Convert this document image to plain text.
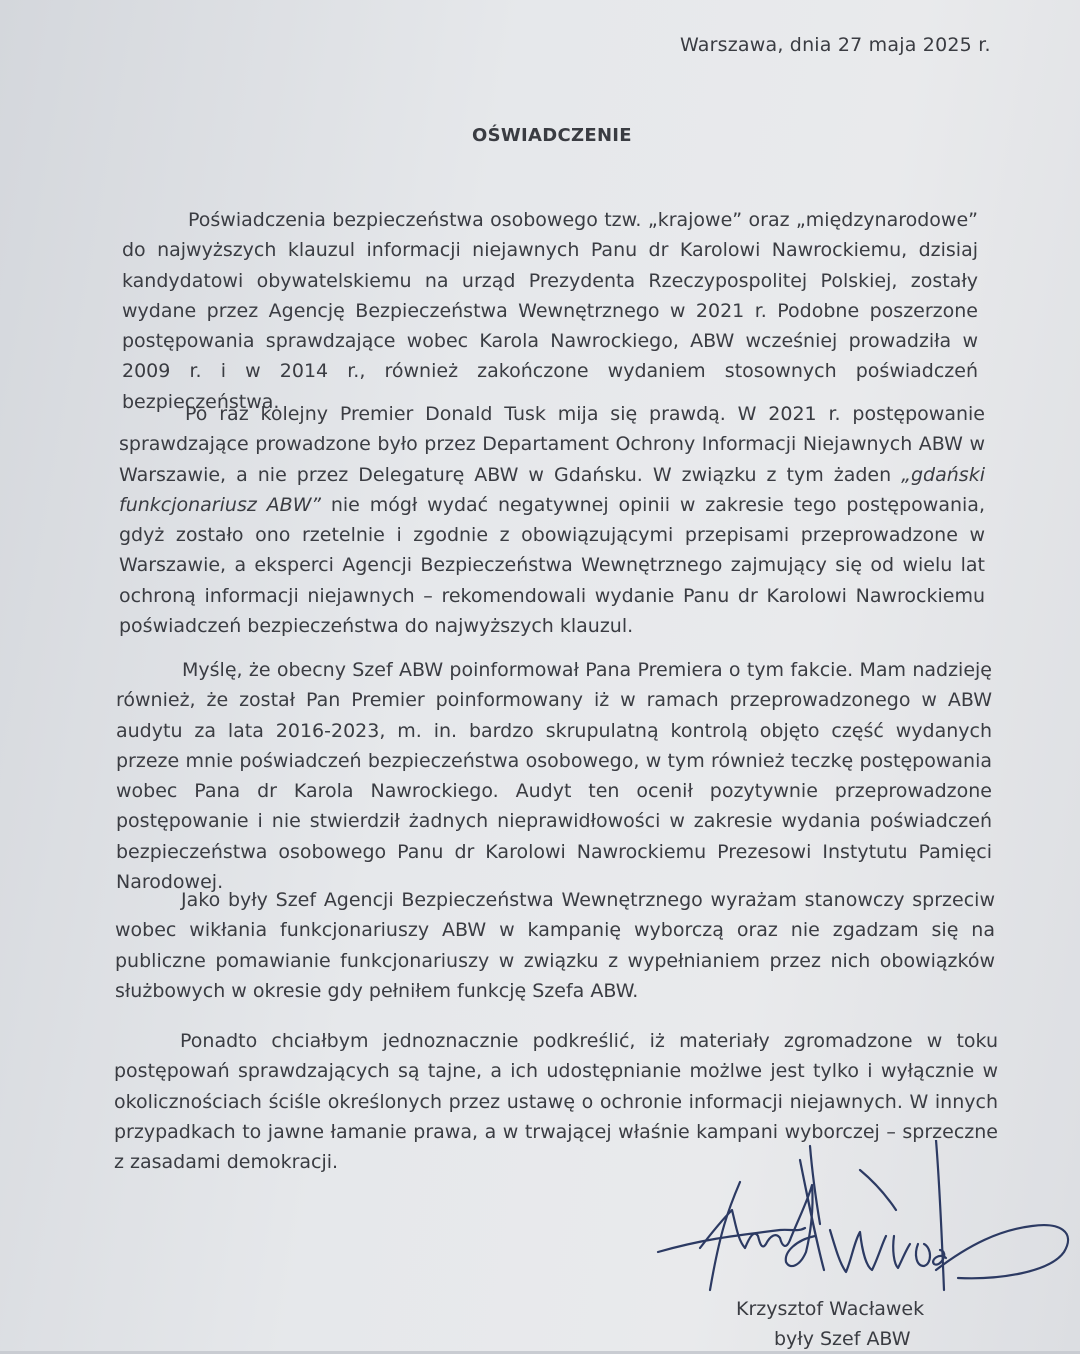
Warszawa, dnia 27 maja 2025 r.
OŚWIADCZENIE
Poświadczenia bezpieczeństwa osobowego tzw. „krajowe” oraz „międzynarodowe” do najwyższych klauzul informacji niejawnych Panu dr Karolowi Nawrockiemu, dzisiaj kandydatowi obywatelskiemu na urząd Prezydenta Rzeczypospolitej Polskiej, zostały wydane przez Agencję Bezpieczeństwa Wewnętrznego w 2021 r. Podobne poszerzone postępowania sprawdzające wobec Karola Nawrockiego, ABW wcześniej prowadziła w 2009 r. i w 2014 r., również zakończone wydaniem stosownych poświadczeń bezpieczeństwa.
Po raz kolejny Premier Donald Tusk mija się prawdą. W 2021 r. postępowanie sprawdzające prowadzone było przez Departament Ochrony Informacji Niejawnych ABW w Warszawie, a nie przez Delegaturę ABW w Gdańsku. W związku z tym żaden „gdański funkcjonariusz ABW” nie mógł wydać negatywnej opinii w zakresie tego postępowania, gdyż zostało ono rzetelnie i zgodnie z obowiązującymi przepisami przeprowadzone w Warszawie, a eksperci Agencji Bezpieczeństwa Wewnętrznego zajmujący się od wielu lat ochroną informacji niejawnych – rekomendowali wydanie Panu dr Karolowi Nawrockiemu poświadczeń bezpieczeństwa do najwyższych klauzul.
Myślę, że obecny Szef ABW poinformował Pana Premiera o tym fakcie. Mam nadzieję również, że został Pan Premier poinformowany iż w ramach przeprowadzonego w ABW audytu za lata 2016-2023, m. in. bardzo skrupulatną kontrolą objęto część wydanych przeze mnie poświadczeń bezpieczeństwa osobowego, w tym również teczkę postępowania wobec Pana dr Karola Nawrockiego. Audyt ten ocenił pozytywnie przeprowadzone postępowanie i nie stwierdził żadnych nieprawidłowości w zakresie wydania poświadczeń bezpieczeństwa osobowego Panu dr Karolowi Nawrockiemu Prezesowi Instytutu Pamięci Narodowej.
Jako były Szef Agencji Bezpieczeństwa Wewnętrznego wyrażam stanowczy sprzeciw wobec wikłania funkcjonariuszy ABW w kampanię wyborczą oraz nie zgadzam się na publiczne pomawianie funkcjonariuszy w związku z wypełnianiem przez nich obowiązków służbowych w okresie gdy pełniłem funkcję Szefa ABW.
Ponadto chciałbym jednoznacznie podkreślić, iż materiały zgromadzone w toku postępowań sprawdzających są tajne, a ich udostępnianie możlwe jest tylko i wyłącznie w okolicznościach ściśle określonych przez ustawę o ochronie informacji niejawnych. W innych przypadkach to jawne łamanie prawa, a w trwającej właśnie kampani wyborczej – sprzeczne z zasadami demokracji.
Krzysztof Wacławek
były Szef ABW
